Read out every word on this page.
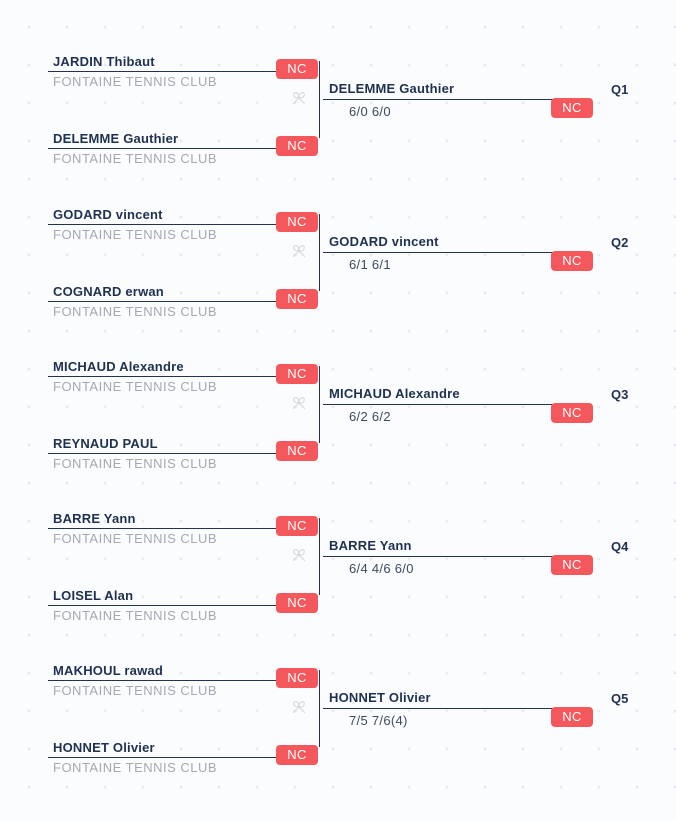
JARDIN Thibaut
FONTAINE TENNIS CLUB
NC
DELEMME Gauthier
FONTAINE TENNIS CLUB
NC
DELEMME Gauthier
6/0 6/0	NC
Q1
GODARD vincent
FONTAINE TENNIS CLUB
NC
COGNARD erwan
FONTAINE TENNIS CLUB
NC
GODARD vincent
6/1 6/1	NC
Q2
MICHAUD Alexandre
FONTAINE TENNIS CLUB
NC
REYNAUD PAUL
FONTAINE TENNIS CLUB
NC
MICHAUD Alexandre
6/2 6/2	NC
Q3
BARRE Yann
FONTAINE TENNIS CLUB
NC
LOISEL Alan
FONTAINE TENNIS CLUB
NC
BARRE Yann
6/4 4/6 6/0	NC
Q4
MAKHOUL rawad
FONTAINE TENNIS CLUB
NC
HONNET Olivier
FONTAINE TENNIS CLUB
NC
HONNET Olivier
7/5 7/6(4)	NC
Q5
